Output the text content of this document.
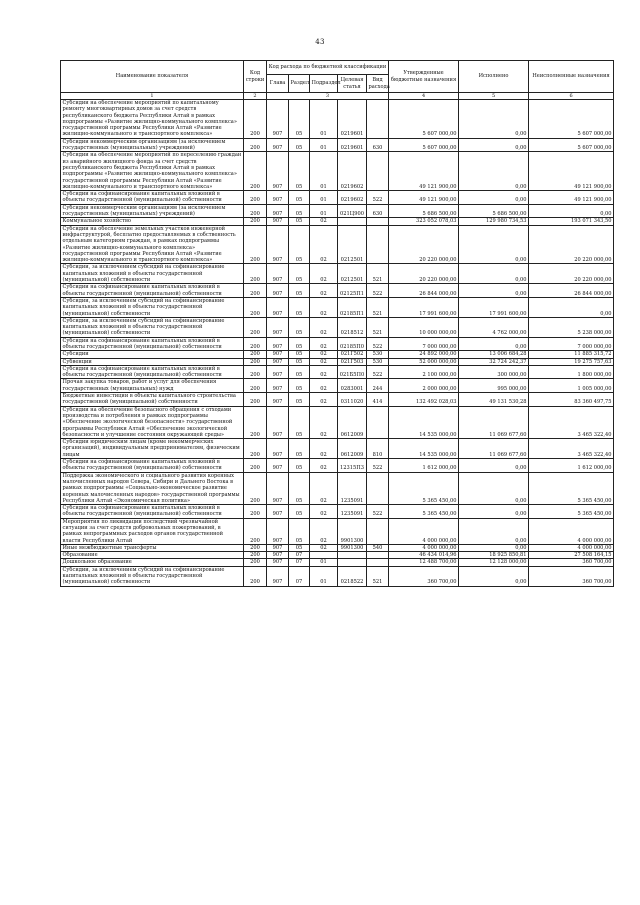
43
Наименование показателя	Код строки	Код расхода по бюджетной классификации					Утвержденные бюджетные назначения	Исполнено	Неисполненные назначения
		Глава	Раздел	Подраздел	Целевая статья	Вид расхода			
1	2	3					4	5	6
Субсидии на обеспечение мероприятий по капитальному ремонту многоквартирных домов за счет средств республиканского бюджета Республики Алтай в рамках подпрограммы «Развитие жилищно-коммунального комплекса» государственной программы Республики Алтай «Развитие жилищно-коммунального и транспортного комплекса»	200	907	05	01	0219601		5 607 000,00	0,00	5 607 000,00
Субсидии некоммерческим организациям (за исключением государственных (муниципальных) учреждений)	200	907	05	01	0219601	630	5 607 000,00	0,00	5 607 000,00
Субсидии на обеспечение мероприятий по переселению граждан из аварийного жилищного фонда за счет средств республиканского бюджета Республики Алтай в рамках подпрограммы «Развитие жилищно-коммунального комплекса» государственной программы Республики Алтай «Развитие жилищно-коммунального и транспортного комплекса»	200	907	05	01	0219602		49 121 900,00	0,00	49 121 900,00
Субсидии на софинансирование капитальных вложений в объекты государственной (муниципальной) собственности	200	907	05	01	0219602	522	49 121 900,00	0,00	49 121 900,00
Субсидии некоммерческим организациям (за исключением государственных (муниципальных) учреждений)	200	907	05	01	021Ц900	630	5 686 500,00	5 686 500,00	0,00
Коммунальное хозяйство	200	907	05	02			323 052 078,03	129 980 734,53	193 071 343,50
Субсидии на обеспечение земельных участков инженерной инфраструктурой, бесплатно предоставляемых в собственность отдельным категориям граждан, в рамках подпрограммы «Развитие жилищно-коммунального комплекса» государственной программы Республики Алтай «Развитие жилищно-коммунального и транспортного комплекса»	200	907	05	02	0212501		20 220 000,00	0,00	20 220 000,00
Субсидии, за исключением субсидий на софинансирование капитальных вложений в объекты государственной (муниципальной) собственности	200	907	05	02	0212501	521	20 220 000,00	0,00	20 220 000,00
Субсидии на софинансирование капитальных вложений в объекты государственной (муниципальной) собственности	200	907	05	02	02125П1	522	26 844 000,00	0,00	26 844 000,00
Субсидии, за исключением субсидий на софинансирование капитальных вложений в объекты государственной (муниципальной) собственности	200	907	05	02	02185П1	521	17 991 600,00	17 991 600,00	0,00
Субсидии, за исключением субсидий на софинансирование капитальных вложений в объекты государственной (муниципальной) собственности	200	907	05	02	0218512	521	10 000 000,00	4 762 000,00	5 238 000,00
Субсидии на софинансирование капитальных вложений в объекты государственной (муниципальной) собственности	200	907	05	02	02185П0	522	7 000 000,00	0,00	7 000 000,00
Субсидии	200	907	05	02	021Г502	530	24 892 000,00	13 006 684,28	11 885 315,72
Субвенции	200	907	05	02	021Г503	530	52 000 000,00	32 724 242,37	19 275 757,63
Субсидии на софинансирование капитальных вложений в объекты государственной (муниципальной) собственности	200	907	05	02	021Б5П0	522	2 100 000,00	300 000,00	1 800 000,00
Прочая закупка товаров, работ и услуг для обеспечения государственных (муниципальных) нужд	200	907	05	02	0283001	244	2 000 000,00	995 000,00	1 005 000,00
Бюджетные инвестиции в объекты капитального строительства государственной (муниципальной) собственности	200	907	05	02	0311020	414	132 492 028,03	49 131 530,28	83 360 497,75
Субсидии на обеспечение безопасного обращения с отходами производства и потребления в рамках подпрограммы «Обеспечение экологической безопасности» государственной программы Республики Алтай «Обеспечение экологической безопасности и улучшение состояния окружающей среды»	200	907	05	02	0612009		14 535 000,00	11 069 677,60	3 465 322,40
Субсидии юридическим лицам (кроме некоммерческих организаций), индивидуальным предпринимателям, физическим лицам	200	907	05	02	0612009	810	14 535 000,00	11 069 677,60	3 465 322,40
Субсидии на софинансирование капитальных вложений в объекты государственной (муниципальной) собственности	200	907	05	02	12315П3	522	1 612 000,00	0,00	1 612 000,00
Поддержка экономического и социального развития коренных малочисленных народов Севера, Сибири и Дальнего Востока в рамках подпрограммы «Социально-экономическое развитие коренных малочисленных народов» государственной программы Республики Алтай «Экономическая политика»	200	907	05	02	1235091		5 365 450,00	0,00	5 365 450,00
Субсидии на софинансирование капитальных вложений в объекты государственной (муниципальной) собственности	200	907	05	02	1235091	522	5 365 450,00	0,00	5 365 450,00
Мероприятия по ликвидации последствий чрезвычайной ситуации за счет средств добровольных пожертвований, в рамках непрограммных расходов органов государственной власти Республики Алтай	200	907	05	02	9901300		4 000 000,00	0,00	4 000 000,00
Иные межбюджетные трансферты	200	907	05	02	9901300	540	4 000 000,00	0,00	4 000 000,00
Образование	200	907	07				46 434 014,96	18 925 850,81	27 508 164,15
Дошкольное образование	200	907	07	01			12 488 700,00	12 128 000,00	360 700,00
Субсидии, за исключением субсидий на софинансирование капитальных вложений в объекты государственной (муниципальной) собственности	200	907	07	01	0218522	521	360 700,00	0,00	360 700,00
